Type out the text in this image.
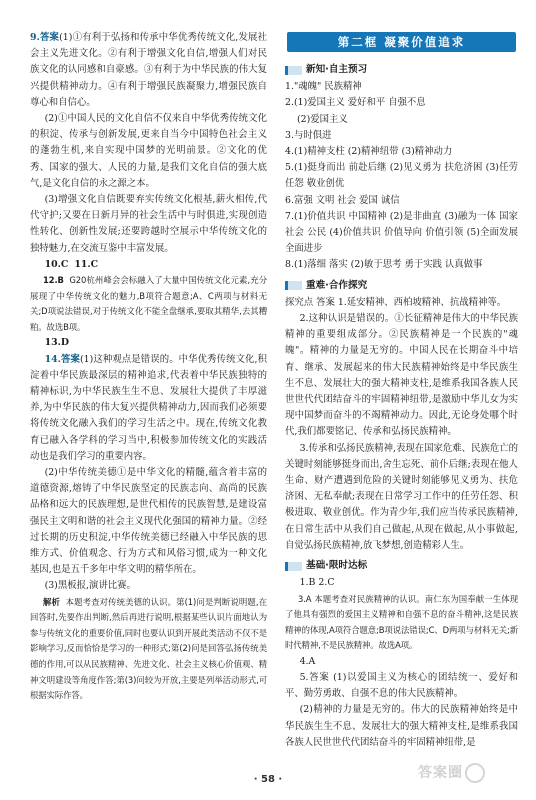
9.答案(1)①有利于弘扬和传承中华优秀传统文化,发展社会主义先进文化。②有利于增强文化自信,增强人们对民族文化的认同感和自豪感。③有利于为中华民族的伟大复兴提供精神动力。④有利于增强民族凝聚力,增强民族自尊心和自信心。

(2)①中国人民的文化自信不仅来自中华优秀传统文化的积淀、传承与创新发展,更来自当今中国特色社会主义的蓬勃生机,来自实现中国梦的光明前景。②文化的优秀、国家的强大、人民的力量,是我们文化自信的强大底气,是文化自信的永之源之本。

(3)增强文化自信既要弃实传统文化根基,薪火相传,代代守护;又要在日新月异的社会生活中与时俱进,实现创造性转化、创新性发展;还要跨越时空展示中华传统文化的独特魅力,在交流互鉴中丰富发展。

10.C 11.C

12.B G20杭州峰会会标融入了大量中国传统文化元素,充分展现了中华传统文化的魅力,B项符合题意;A、C两项与材料无关;D项说法错误,对于传统文化不能全盘继承,要取其精华,去其糟粕。故选B项。

13.D

14.答案(1)这种观点是错误的。中华优秀传统文化,积淀着中华民族最深层的精神追求,代表着中华民族独特的精神标识,为中华民族生生不息、发展壮大提供了丰厚滋养,为中华民族的伟大复兴提供精神动力,因而我们必须要将传统文化融入我们的学习生活之中。现在,传统文化教育已融入各学科的学习当中,积极参加传统文化的实践活动也是我们学习的重要内容。

(2)中华传统美德①是中华文化的精髓,蕴含着丰富的道德资源,熔铸了中华民族坚定的民族志向、高尚的民族品格和远大的民族理想,是世代相传的民族智慧,是建设富强民主文明和谐的社会主义现代化强国的精神力量。②经过长期的历史积淀,中华传统美德已经融入中华民族的思维方式、价值观念、行为方式和风俗习惯,成为一种文化基因,也是五千多年中华文明的精华所在。

(3)黑板报,演讲比赛。

解析 本题考查对传统美德的认识。第(1)问是判断说明题,在回答时,先要作出判断,然后再进行说明,根据某些认识片面地认为参与传统文化的重要价值,同时也要认识到开展此类活动不仅不是影响学习,反而恰恰是学习的一种形式;第(2)问是回答弘扬传统美德的作用,可以从民族精神、先进文化、社会主义核心价值观、精神文明建设等角度作答;第(3)问较为开放,主要是列举活动形式,可根据实际作答。

第二框 凝聚价值追求
新知·自主预习

1."魂魄" 民族精神

2.(1)爱国主义 爱好和平 自强不息

(2)爱国主义

3.与时俱进

4.(1)精神支柱 (2)精神纽带 (3)精神动力

5.(1)挺身而出 前赴后继 (2)见义勇为 扶危济困 (3)任劳任怨 敬业创优

6.富强 文明 社会 爱国 诚信

7.(1)价值共识 中国精神 (2)是非曲直 (3)融为一体 国家 社会 公民 (4)价值共识 价值导向 价值引领 (5)全面发展 全面进步

8.(1)落细 落实 (2)敏于思考 勇于实践 认真做事

重难·合作探究

探究点 答案 1.延安精神、西柏坡精神、抗战精神等。

2.这种认识是错误的。①长征精神是伟大的中华民族精神的重要组成部分。②民族精神是一个民族的"魂魄"。精神的力量是无穷的。中国人民在长期奋斗中培育、继承、发展起来的伟大民族精神始终是中华民族生生不息、发展壮大的强大精神支柱,是维系我国各族人民世世代代团结奋斗的牢固精神纽带,是激励中华儿女为实现中国梦而奋斗的不竭精神动力。因此,无论身处哪个时代,我们都要铭记、传承和弘扬民族精神。

3.传承和弘扬民族精神,表现在国家危难、民族危亡的关键时刻能够挺身而出,舍生忘死、前仆后继;表现在他人生命、财产遭遇到危险的关键时刻能够见义勇为、扶危济困、无私奉献;表现在日常学习工作中的任劳任怨、积极进取、敬业创优。作为青少年,我们应当传承民族精神,在日常生活中从我们自己做起,从现在做起,从小事做起,自觉弘扬民族精神,放飞梦想,创造精彩人生。

基础·限时达标

1.B 2.C

3.A 本题考查对民族精神的认识。南仁东为国奉献一生体现了他具有强烈的爱国主义精神和自强不息的奋斗精神,这是民族精神的体现,A项符合题意;B项说法错误;C、D两项与材料无关;新时代精神,不是民族精神。故选A项。

4.A

5.答案 (1)以爱国主义为核心的团结统一、爱好和平、勤劳勇敢、自强不息的伟大民族精神。

(2)精神的力量是无穷的。伟大的民族精神始终是中华民族生生不息、发展壮大的强大精神支柱,是维系我国各族人民世世代代团结奋斗的牢固精神纽带,是

· 58 ·	答案圈
